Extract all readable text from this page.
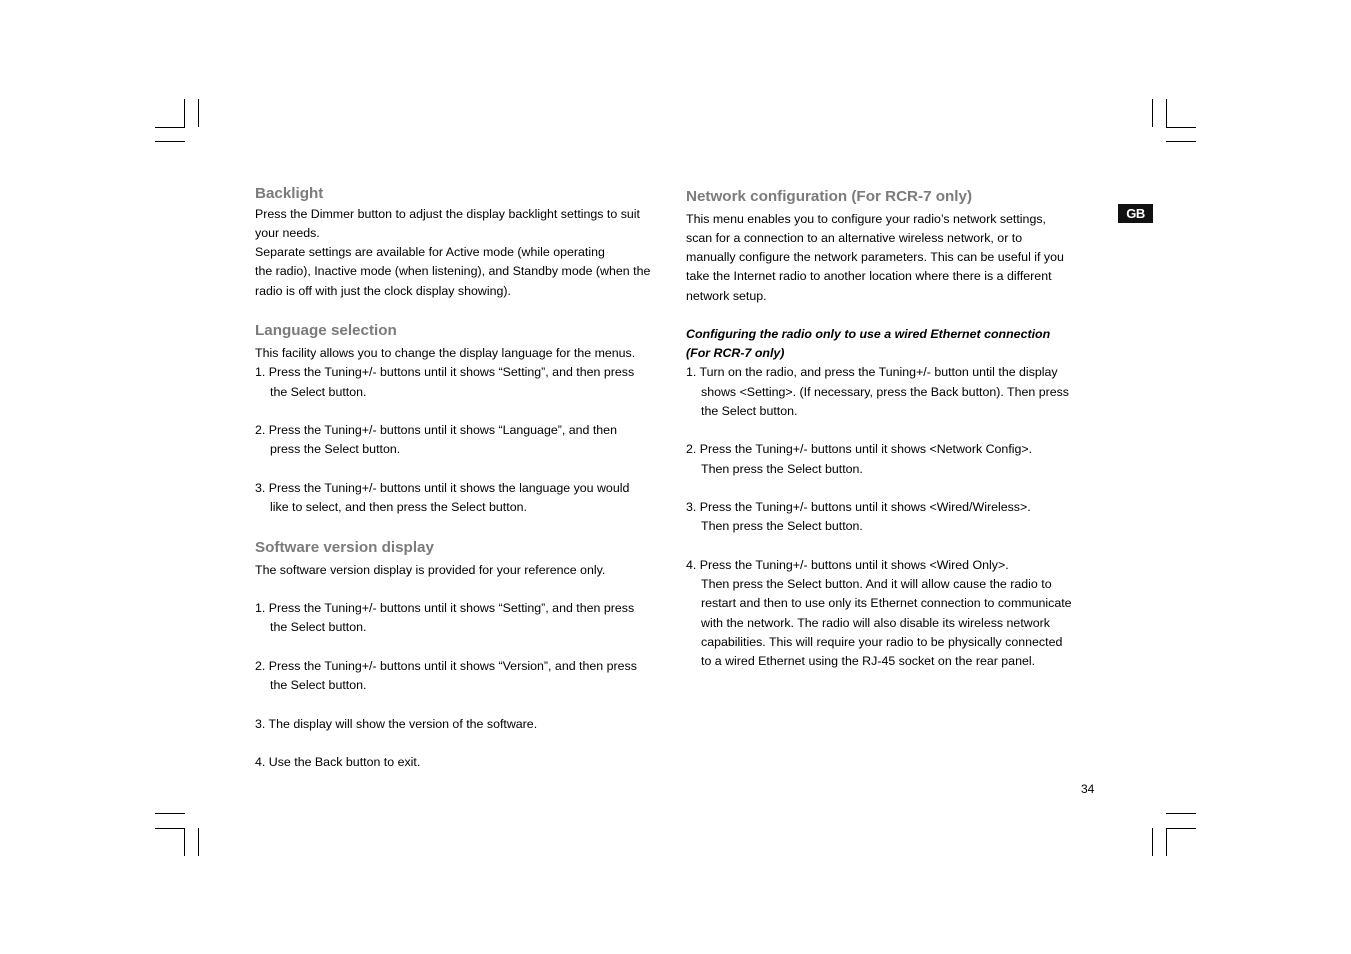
Backlight
Press the Dimmer button to adjust the display backlight settings to suit
your needs.
Separate settings are available for Active mode (while operating
the radio), Inactive mode (when listening), and Standby mode (when the
radio is off with just the clock display showing).
Language selection
This facility allows you to change the display language for the menus.
1. Press the Tuning+/- buttons until it shows “Setting”, and then press
the Select button.
2. Press the Tuning+/- buttons until it shows “Language”, and then
press the Select button.
3. Press the Tuning+/- buttons until it shows the language you would
like to select, and then press the Select button.
Software version display
The software version display is provided for your reference only.
1. Press the Tuning+/- buttons until it shows “Setting”, and then press
the Select button.
2. Press the Tuning+/- buttons until it shows “Version”, and then press
the Select button.
3. The display will show the version of the software.
4. Use the Back button to exit.
Network configuration (For RCR-7 only)
This menu enables you to configure your radio’s network settings,
scan for a connection to an alternative wireless network, or to
manually configure the network parameters. This can be useful if you
take the Internet radio to another location where there is a different
network setup.
Configuring the radio only to use a wired Ethernet connection
(For RCR-7 only)
1. Turn on the radio, and press the Tuning+/- button until the display
shows <Setting>. (If necessary, press the Back button). Then press
the Select button.
2. Press the Tuning+/- buttons until it shows <Network Config>.
Then press the Select button.
3. Press the Tuning+/- buttons until it shows <Wired/Wireless>.
Then press the Select button.
4. Press the Tuning+/- buttons until it shows <Wired Only>.
Then press the Select button. And it will allow cause the radio to
restart and then to use only its Ethernet connection to communicate
with the network. The radio will also disable its wireless network
capabilities. This will require your radio to be physically connected
to a wired Ethernet using the RJ-45 socket on the rear panel.
GB
34
